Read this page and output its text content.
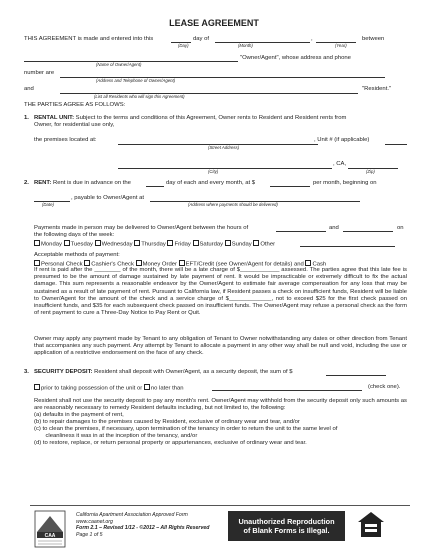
LEASE AGREEMENT
THIS AGREEMENT is made and entered into this	day of	,	between
(Day)	(Month)	(Year)
"Owner/Agent", whose address and phone
(Name of Owner/Agent)
number are
(Address and Telephone of Owner/Agent)
and	"Resident."
(List all Residents who will sign this Agreement)
THE PARTIES AGREE AS FOLLOWS:
1. RENTAL UNIT: Subject to the terms and conditions of this Agreement, Owner rents to Resident and Resident rents from
Owner, for residential use only,
the premises located at:	, Unit # (if applicable)
(Street Address)
, CA,
(City)	(Zip)
2. RENT: Rent is due in advance on the	day of each and every month, at $	per month, beginning on
, payable to Owner/Agent at
(Date)	(Address where payments should be delivered)
Payments made in person may be delivered to Owner/Agent between the hours of	and	on
the following days of the week:
Monday Tuesday Wednesday Thursday Friday Saturday Sunday Other
Acceptable methods of payment:
Personal Check Cashier's Check Money Order EFT/Credit (see Owner/Agent for details) and Cash
If rent is paid after the ________ of the month, there will be a late charge of $____________ assessed. The parties agree that this late fee is presumed to be the amount of damage sustained by late payment of rent. It would be impracticable or extremely difficult to fix the actual damage. This sum represents a reasonable endeavor by the Owner/Agent to estimate fair average compensation for any loss that may be sustained as a result of late payment of rent. Pursuant to California law, if Resident passes a check on insufficient funds, Resident will be liable to Owner/Agent for the amount of the check and a service charge of $_____________, not to exceed $25 for the first check passed on insufficient funds, and $35 for each subsequent check passed on insufficient funds. The Owner/Agent may refuse a personal check as the form of rent payment to cure a Three-Day Notice to Pay Rent or Quit.
Owner may apply any payment made by Tenant to any obligation of Tenant to Owner notwithstanding any dates or other direction from Tenant that accompanies any such payment. Any attempt by Tenant to allocate a payment in any other way shall be null and void, including the use or application of a restrictive endorsement on the face of any check.
3. SECURITY DEPOSIT: Resident shall deposit with Owner/Agent, as a security deposit, the sum of $
prior to taking possession of the unit or no later than	(check one).
Resident shall not use the security deposit to pay any month's rent. Owner/Agent may withhold from the security deposit only such amounts as are reasonably necessary to remedy Resident defaults including, but not limited to, the following:
(a) defaults in the payment of rent,
(b) to repair damages to the premises caused by Resident, exclusive of ordinary wear and tear, and/or
(c) to clean the premises, if necessary, upon termination of the tenancy in order to return the unit to the same level of
cleanliness it was in at the inception of the tenancy, and/or
(d) to restore, replace, or return personal property or appurtenances, exclusive of ordinary wear and tear.
CAA
California Apartment Association Approved Form
www.caanet.org
Form 2.1 – Revised 1/12 - ©2012 – All Rights Reserved
Page 1 of 5
Unauthorized Reproduction
of Blank Forms is Illegal.
